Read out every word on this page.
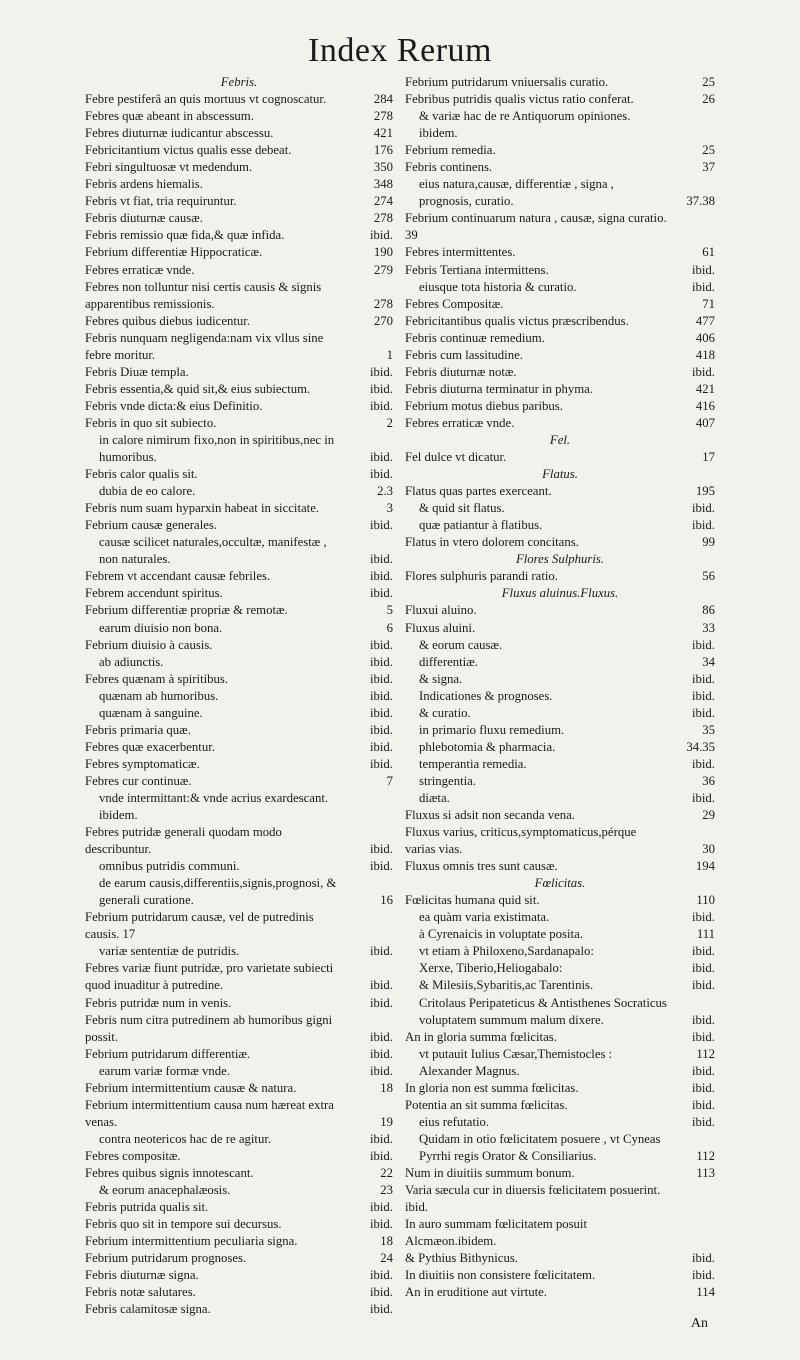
Index Rerum
Febris.
Febre pestiferâ an quis mortuus vt cognoscatur.	284
Febres quæ abeant in abscessum.	278
Febres diuturnæ iudicantur abscessu.	421
Febricitantium victus qualis esse debeat.	176
Febri singultuosæ vt medendum.	350
Febris ardens hiemalis.	348
Febris vt fiat, tria requiruntur.	274
Febris diuturnæ causæ.	278
Febris remissio quæ fida,& quæ infida.	ibid.
Febrium differentiæ Hippocraticæ.	190
Febres erraticæ vnde.	279
Febres non tolluntur nisi certis causis & signis apparentibus remissionis.	278
Febres quibus diebus iudicentur.	270
Febris nunquam negligenda:nam vix vllus sine febre moritur.	1
Febris Diuæ templa.	ibid.
Febris essentia,& quid sit,& eius subiectum.	ibid.
Febris vnde dicta:& eius Definitio.	ibid.
Febris in quo sit subiecto.	2
in calore nimirum fixo,non in spiritibus,nec in humoribus.	ibid.
Febris calor qualis sit.	ibid.
dubia de eo calore.	2.3
Febris num suam hyparxin habeat in siccitate.	3
Febrium causæ generales.	ibid.
causæ scilicet naturales,occultæ, manifestæ , non naturales.	ibid.
Febrem vt accendant causæ febriles.	ibid.
Febrem accendunt spiritus.	ibid.
Febrium differentiæ propriæ & remotæ.	5
earum diuisio non bona.	6
Febrium diuisio à causis.	ibid.
ab adiunctis.	ibid.
Febres quænam à spiritibus.	ibid.
quænam ab humoribus.	ibid.
quænam à sanguine.	ibid.
Febris primaria quæ.	ibid.
Febres quæ exacerbentur.	ibid.
Febres symptomaticæ.	ibid.
Febres cur continuæ.	7
vnde intermittant:& vnde acrius exardescant. ibidem.
Febres putridæ generali quodam modo describuntur.	ibid.
omnibus putridis communi.	ibid.
de earum causis,differentiis,signis,prognosi, & generali curatione.	16
Febrium putridarum causæ, vel de putredinis causis. 17
variæ sententiæ de putridis.	ibid.
Febres variæ fiunt putridæ, pro varietate subiecti quod inuaditur à putredine.	ibid.
Febris putridæ num in venis.	ibid.
Febris num citra putredinem ab humoribus gigni possit.	ibid.
Febrium putridarum differentiæ.	ibid.
earum variæ formæ vnde.	ibid.
Febrium intermittentium causæ & natura.	18
Febrium intermittentium causa num hæreat extra venas.	19
contra neotericos hac de re agitur.	ibid.
Febres compositæ.	ibid.
Febres quibus signis innotescant.	22
& eorum anacephalæosis.	23
Febris putrida qualis sit.	ibid.
Febris quo sit in tempore sui decursus.	ibid.
Febrium intermittentium peculiaria signa.	18
Febrium putridarum prognoses.	24
Febris diuturnæ signa.	ibid.
Febris notæ salutares.	ibid.
Febris calamitosæ signa.	ibid.
Febrium putridarum vniuersalis curatio.	25
Febribus putridis qualis victus ratio conferat.	26
& variæ hac de re Antiquorum opiniones. ibidem.
Febrium remedia.	25
Febris continens.	37
eius natura,causæ, differentiæ , signa , prognosis, curatio.	37.38
Febrium continuarum natura , causæ, signa curatio. 39
Febres intermittentes.	61
Febris Tertiana intermittens.	ibid.
eiusque tota historia & curatio.	ibid.
Febres Compositæ.	71
Febricitantibus qualis victus præscribendus.	477
Febris continuæ remedium.	406
Febris cum lassitudine.	418
Febris diuturnæ notæ.	ibid.
Febris diuturna terminatur in phyma.	421
Febrium motus diebus paribus.	416
Febres erraticæ vnde.	407
Fel.
Fel dulce vt dicatur.	17
Flatus.
Flatus quas partes exerceant.	195
& quid sit flatus.	ibid.
quæ patiantur à flatibus.	ibid.
Flatus in vtero dolorem concitans.	99
Flores Sulphuris.
Flores sulphuris parandi ratio.	56
Fluxus aluinus.Fluxus.
Fluxui aluino.	86
Fluxus aluini.	33
& eorum causæ.	ibid.
differentiæ.	34
& signa.	ibid.
Indicationes & prognoses.	ibid.
& curatio.	ibid.
in primario fluxu remedium.	35
phlebotomia & pharmacia.	34.35
temperantia remedia.	ibid.
stringentia.	36
diæta.	ibid.
Fluxus si adsit non secanda vena.	29
Fluxus varius, criticus,symptomaticus,pérque varias vias.	30
Fluxus omnis tres sunt causæ.	194
Fœlicitas.
Fœlicitas humana quid sit.	110
ea quàm varia existimata.	ibid.
à Cyrenaicis in voluptate posita.	111
vt etiam à Philoxeno,Sardanapalo:	ibid.
Xerxe, Tiberio,Heliogabalo:	ibid.
& Milesiis,Sybaritis,ac Tarentinis.	ibid.
Critolaus Peripateticus & Antisthenes Socraticus voluptatem summum malum dixere.	ibid.
An in gloria summa fœlicitas.	ibid.
vt putauit Iulius Cæsar,Themistocles :	112
Alexander Magnus.	ibid.
In gloria non est summa fœlicitas.	ibid.
Potentia an sit summa fœlicitas.	ibid.
eius refutatio.	ibid.
Quidam in otio fœlicitatem posuere , vt Cyneas Pyrrhi regis Orator & Consiliarius.	112
Num in diuitiis summum bonum.	113
Varia sæcula cur in diuersis fœlicitatem posuerint. ibid.
In auro summam fœlicitatem posuit Alcmæon.ibidem.
& Pythius Bithynicus.	ibid.
In diuitiis non consistere fœlicitatem.	ibid.
An in eruditione aut virtute.	114
An
